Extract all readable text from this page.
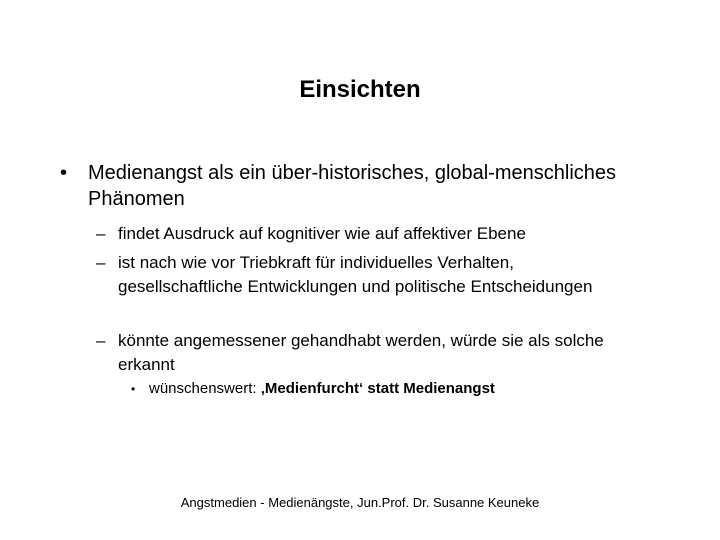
Einsichten
•	Medienangst als ein über-historisches, global-menschliches Phänomen
– findet Ausdruck auf kognitiver wie auf affektiver Ebene
– ist nach wie vor Triebkraft für individuelles Verhalten, gesellschaftliche Entwicklungen und politische Entscheidungen
– könnte angemessener gehandhabt werden, würde sie als solche erkannt
• wünschenswert: ‚Medienfurcht‘ statt Medienangst
Angstmedien - Medienängste, Jun.Prof. Dr. Susanne Keuneke
